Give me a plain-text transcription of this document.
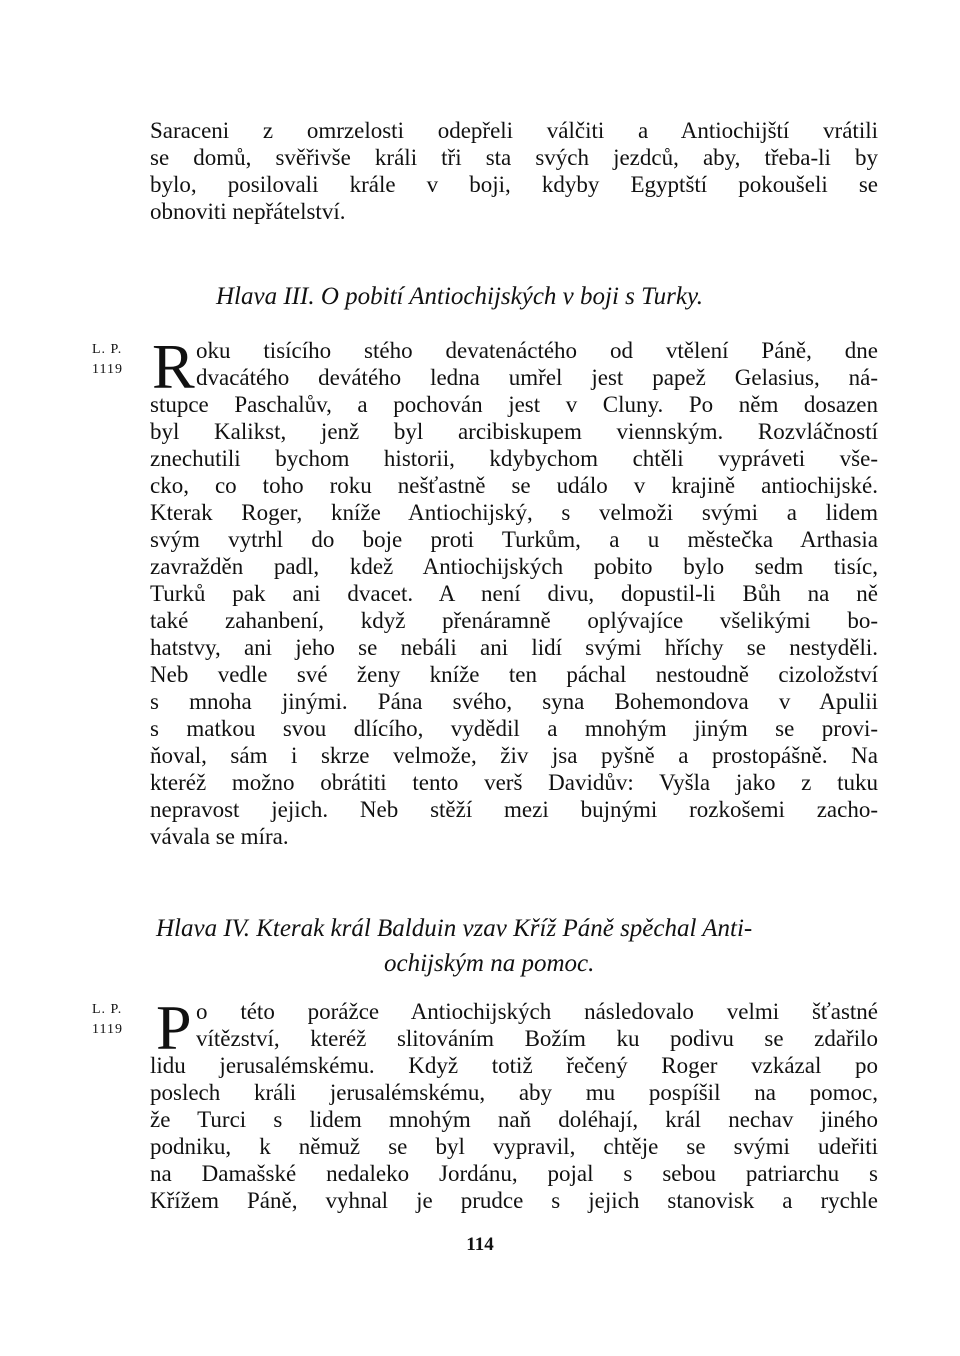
Saraceni z omrzelosti odepřeli válčiti a Antiochijští vrátili
se domů, svěřivše králi tři sta svých jezdců, aby, třeba-li by
bylo, posilovali krále v boji, kdyby Egyptští pokoušeli se
obnoviti nepřátelství.
Hlava III. O pobití Antiochijských v boji s Turky.
L. P.
1119 R oku tisícího stého devatenáctého od vtělení Páně, dne
dvacátého devátého ledna umřel jest papež Gelasius, ná-
stupce Paschalův, a pochován jest v Cluny. Po něm dosazen
byl Kalikst, jenž byl arcibiskupem viennským. Rozvláčností
znechutili bychom historii, kdybychom chtěli vypráveti vše-
cko, co toho roku nešťastně se událo v krajině antiochijské.
Kterak Roger, kníže Antiochijský, s velmoži svými a lidem
svým vytrhl do boje proti Turkům, a u městečka Arthasia
zavražděn padl, kdež Antiochijských pobito bylo sedm tisíc,
Turků pak ani dvacet. A není divu, dopustil-li Bůh na ně
také zahanbení, když přenáramně oplývajíce všelikými bo-
hatstvy, ani jeho se nebáli ani lidí svými hříchy se nestyděli.
Neb vedle své ženy kníže ten páchal nestoudně cizoložství
s mnoha jinými. Pána svého, syna Bohemondova v Apulii
s matkou svou dlícího, vydědil a mnohým jiným se provi-
ňoval, sám i skrze velmože, živ jsa pyšně a prostopášně. Na
kteréž možno obrátiti tento verš Davidův: Vyšla jako z tuku
nepravost jejich. Neb stěží mezi bujnými rozkošemi zacho-
vávala se míra.
Hlava IV. Kterak král Balduin vzav Kříž Páně spěchal Anti-
ochijským na pomoc.
L. P.
1119 P o této porážce Antiochijských následovalo velmi šťastné
vítězství, kteréž slitováním Božím ku podivu se zdařilo
lidu jerusalémskému. Když totiž řečený Roger vzkázal po
poslech králi jerusalémskému, aby mu pospíšil na pomoc,
že Turci s lidem mnohým naň doléhají, král nechav jiného
podniku, k němuž se byl vypravil, chtěje se svými udeřiti
na Damašské nedaleko Jordánu, pojal s sebou patriarchu s
Křížem Páně, vyhnal je prudce s jejich stanovisk a rychle
114
